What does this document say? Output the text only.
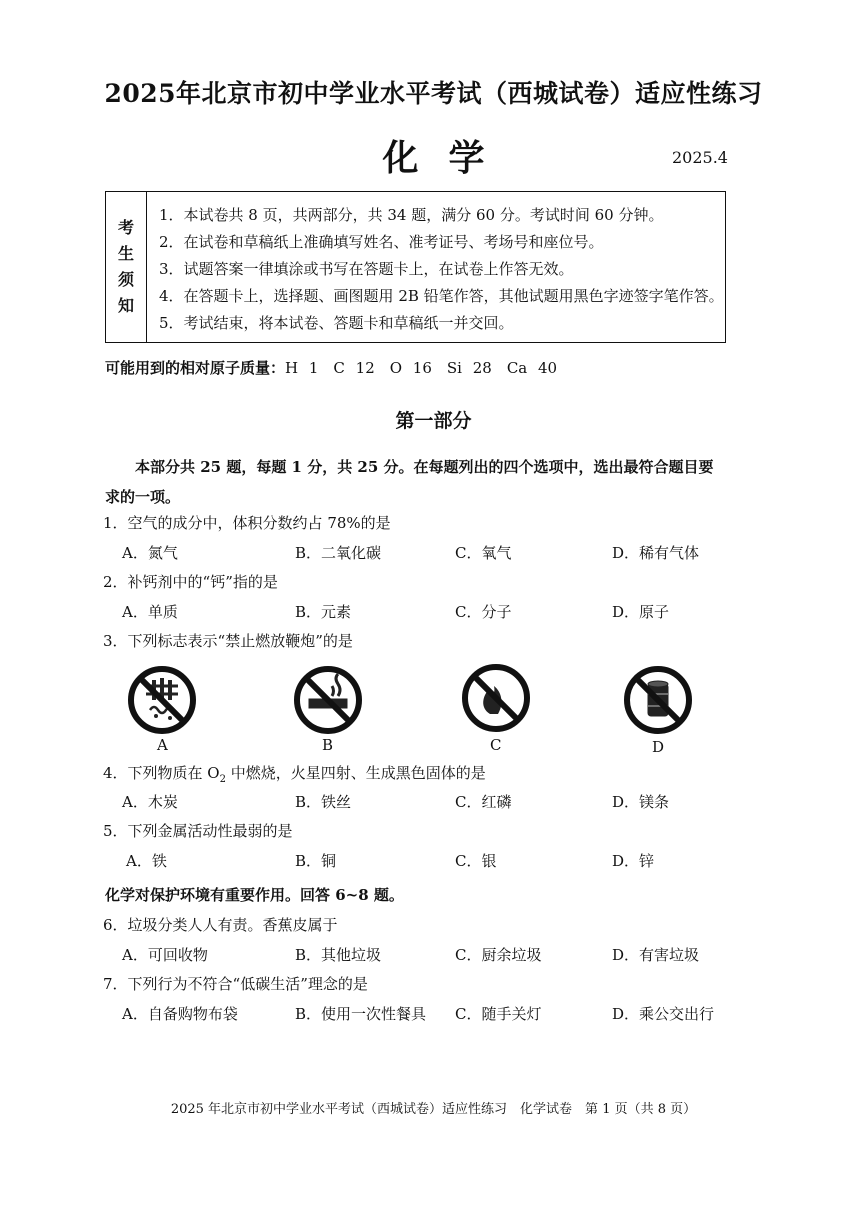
2025年北京市初中学业水平考试（西城试卷）适应性练习
化学	2025.4
考
生
须
知
1．本试卷共 8 页，共两部分，共 34 题，满分 60 分。考试时间 60 分钟。
2．在试卷和草稿纸上准确填写姓名、准考证号、考场号和座位号。
3．试题答案一律填涂或书写在答题卡上，在试卷上作答无效。
4．在答题卡上，选择题、画图题用 2B 铅笔作答，其他试题用黑色字迹签字笔作答。
5．考试结束，将本试卷、答题卡和草稿纸一并交回。
可能用到的相对原子质量：H 1　C 12　O 16　Si 28　Ca 40
第一部分
本部分共 25 题，每题 1 分，共 25 分。在每题列出的四个选项中，选出最符合题目要求的一项。
1．空气的成分中，体积分数约占 78%的是
A．氮气	B．二氧化碳	C．氧气	D．稀有气体
2．补钙剂中的“钙”指的是
A．单质	B．元素	C．分子	D．原子
3．下列标志表示“禁止燃放鞭炮”的是
A	B	C	D
4．下列物质在 $O_2$ 中燃烧，火星四射、生成黑色固体的是
A．木炭	B．铁丝	C．红磷	D．镁条
5．下列金属活动性最弱的是
A．铁	B．铜	C．银	D．锌
化学对保护环境有重要作用。回答 6~8 题。
6．垃圾分类人人有责。香蕉皮属于
A．可回收物	B．其他垃圾	C．厨余垃圾	D．有害垃圾
7．下列行为不符合“低碳生活”理念的是
A．自备购物布袋	B．使用一次性餐具 C．随手关灯	D．乘公交出行
2025 年北京市初中学业水平考试（西城试卷）适应性练习　化学试卷　第 1 页（共 8 页）
